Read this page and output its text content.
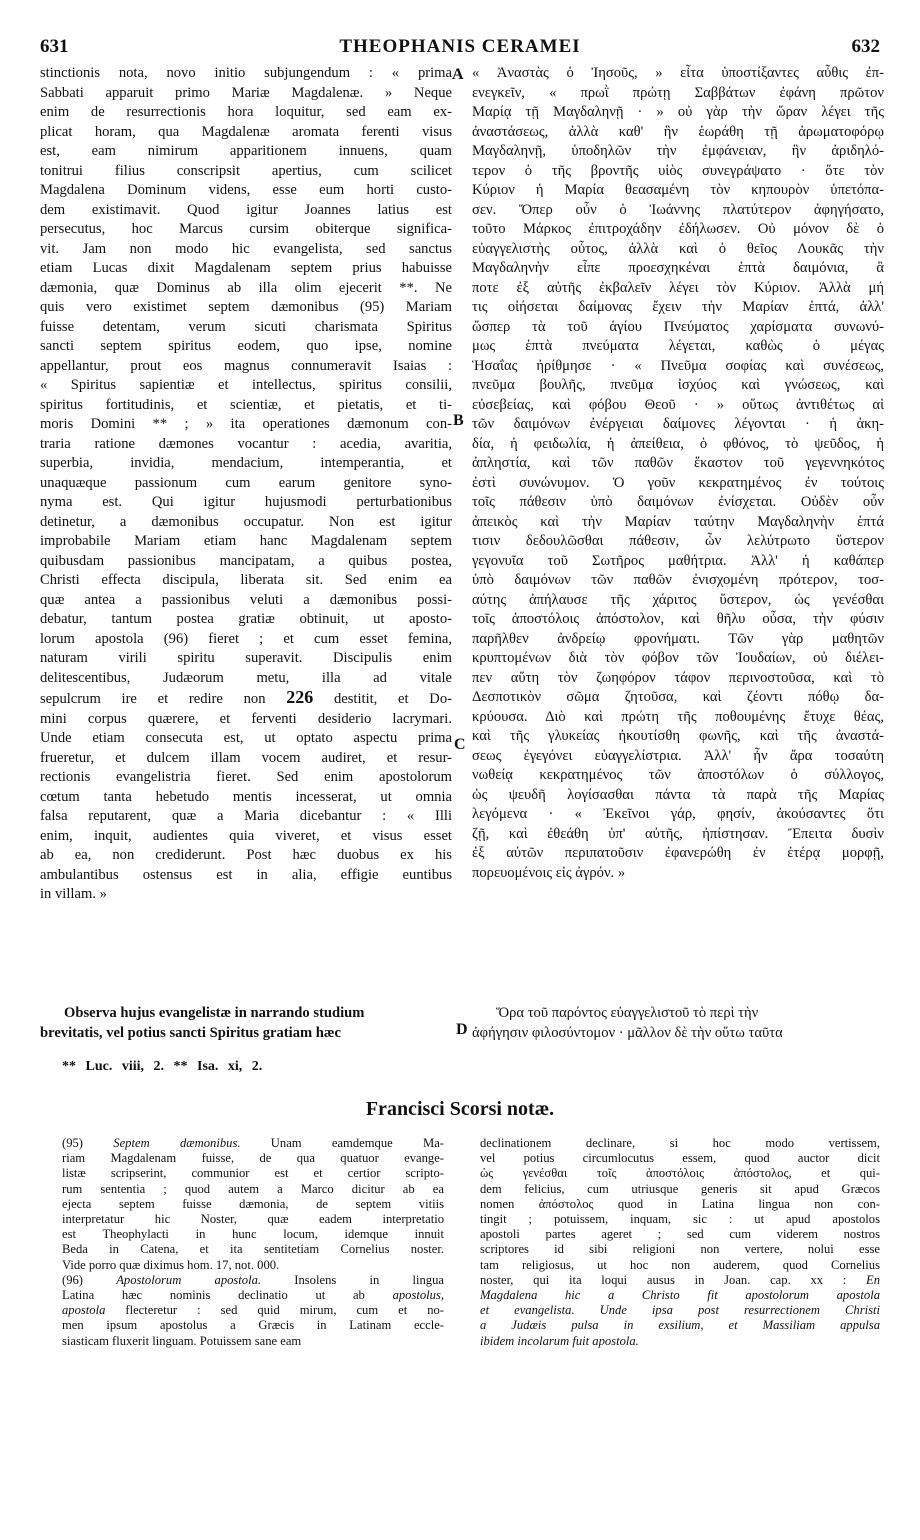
631	THEOPHANIS CERAMEI	632
stinctionis nota, novo initio subjungendum : « prima
Sabbati apparuit primo Mariæ Magdalenæ. » Neque
enim de resurrectionis hora loquitur, sed eam ex-
plicat horam, qua Magdalenæ aromata ferenti visus
est, eam nimirum apparitionem innuens, quam
tonitrui filius conscripsit apertius, cum scilicet
Magdalena Dominum videns, esse eum horti custo-
dem existimavit. Quod igitur Joannes latius est
persecutus, hoc Marcus cursim obiterque significa-
vit. Jam non modo hic evangelista, sed sanctus
etiam Lucas dixit Magdalenam septem prius habuisse
dæmonia, quæ Dominus ab illa olim ejecerit **. Ne
quis vero existimet septem dæmonibus (95) Mariam
fuisse detentam, verum sicuti charismata Spiritus
sancti septem spiritus eodem, quo ipse, nomine
appellantur, prout eos magnus connumeravit Isaias :
« Spiritus sapientiæ et intellectus, spiritus consilii,
spiritus fortitudinis, et scientiæ, et pietatis, et ti-
moris Domini ** ; » ita operationes dæmonum con-
traria ratione dæmones vocantur : acedia, avaritia,
superbia, invidia, mendacium, intemperantia, et
unaquæque passionum cum earum genitore syno-
nyma est. Qui igitur hujusmodi perturbationibus
detinetur, a dæmonibus occupatur. Non est igitur
improbabile Mariam etiam hanc Magdalenam septem
quibusdam passionibus mancipatam, a quibus postea,
Christi effecta discipula, liberata sit. Sed enim ea
quæ antea a passionibus veluti a dæmonibus possi-
debatur, tantum postea gratiæ obtinuit, ut aposto-
lorum apostola (96) fieret ; et cum esset femina,
naturam virili spiritu superavit. Discipulis enim
delitescentibus, Judæorum metu, illa ad vitale
sepulcrum ire et redire non 226 destitit, et Do-
mini corpus quærere, et ferventi desiderio lacrymari.
Unde etiam consecuta est, ut optato aspectu prima
frueretur, et dulcem illam vocem audiret, et resur-
rectionis evangelistria fieret. Sed enim apostolorum
cœtum tanta hebetudo mentis incesserat, ut omnia
falsa reputarent, quæ a Maria dicebantur : « Illi
enim, inquit, audientes quia viveret, et visus esset
ab ea, non crediderunt. Post hæc duobus ex his
ambulantibus ostensus est in alia, effigie euntibus
in villam. »
« Ἀναστὰς ὁ Ἰησοῦς, » εἶτα ὑποστίξαντες αὖθις ἐπ-
ενεγκεῖν, « πρωῒ πρώτῃ Σαββάτων ἐφάνη πρῶτον
Μαρίᾳ τῇ Μαγδαληνῇ · » οὐ γὰρ τὴν ὥραν λέγει τῆς
ἀναστάσεως, ἀλλὰ καθ' ἣν ἑωράθη τῇ ἀρωματοφόρῳ
Μαγδαληνῇ, ὑποδηλῶν τὴν ἐμφάνειαν, ἣν ἀριδηλό-
τερον ὁ τῆς βροντῆς υἱὸς συνεγράψατο · ὅτε τὸν
Κύριον ἡ Μαρία θεασαμένη τὸν κηπουρὸν ὑπετόπα-
σεν. Ὅπερ οὖν ὁ Ἰωάννης πλατύτερον ἀφηγήσατο,
τοῦτο Μάρκος ἐπιτροχάδην ἐδήλωσεν. Οὐ μόνον δὲ ὁ
εὐαγγελιστὴς οὗτος, ἀλλὰ καὶ ὁ θεῖος Λουκᾶς τὴν
Μαγδαληνὴν εἶπε προεσχηκέναι ἑπτὰ δαιμόνια, ἃ
ποτε ἐξ αὐτῆς ἐκβαλεῖν λέγει τὸν Κύριον. Ἀλλὰ μή
τις οἰήσεται δαίμονας ἔχειν τὴν Μαρίαν ἑπτά, ἀλλ'
ὥσπερ τὰ τοῦ ἁγίου Πνεύματος χαρίσματα συνωνύ-
μως ἑπτὰ πνεύματα λέγεται, καθὼς ὁ μέγας
Ἡσαΐας ἠρίθμησε · « Πνεῦμα σοφίας καὶ συνέσεως,
πνεῦμα βουλῆς, πνεῦμα ἰσχύος καὶ γνώσεως, καὶ
εὐσεβείας, καὶ φόβου Θεοῦ · » οὕτως ἀντιθέτως αἱ
τῶν δαιμόνων ἐνέργειαι δαίμονες λέγονται · ἡ ἀκη-
δία, ἡ φειδωλία, ἡ ἀπείθεια, ὁ φθόνος, τὸ ψεῦδος, ἡ
ἀπληστία, καὶ τῶν παθῶν ἕκαστον τοῦ γεγεννηκότος
ἐστὶ συνώνυμον. Ὁ γοῦν κεκρατημένος ἐν τούτοις
τοῖς πάθεσιν ὑπὸ δαιμόνων ἐνίσχεται. Οὐδὲν οὖν
ἀπεικὸς καὶ τὴν Μαρίαν ταύτην Μαγδαληνὴν ἑπτά
τισιν δεδουλῶσθαι πάθεσιν, ὧν λελύτρωτο ὕστερον
γεγονυῖα τοῦ Σωτῆρος μαθήτρια. Ἀλλ' ἡ καθάπερ
ὑπὸ δαιμόνων τῶν παθῶν ἐνισχομένη πρότερον, τοσ-
αύτης ἀπήλαυσε τῆς χάριτος ὕστερον, ὡς γενέσθαι
τοῖς ἀποστόλοις ἀπόστολον, καὶ θῆλυ οὖσα, τὴν φύσιν
παρῆλθεν ἀνδρείῳ φρονήματι. Τῶν γὰρ μαθητῶν
κρυπτομένων διὰ τὸν φόβον τῶν Ἰουδαίων, οὐ διέλει-
πεν αὕτη τὸν ζωηφόρον τάφον περινοστοῦσα, καὶ τὸ
Δεσποτικὸν σῶμα ζητοῦσα, καὶ ζέοντι πόθῳ δα-
κρύουσα. Διὸ καὶ πρώτη τῆς ποθουμένης ἔτυχε θέας,
καὶ τῆς γλυκείας ἠκουτίσθη φωνῆς, καὶ τῆς ἀναστά-
σεως ἐγεγόνει εὐαγγελίστρια. Ἀλλ' ἦν ἄρα τοσαύτη
νωθείᾳ κεκρατημένος τῶν ἀποστόλων ὁ σύλλογος,
ὡς ψευδῆ λογίσασθαι πάντα τὰ παρὰ τῆς Μαρίας
λεγόμενα · « Ἐκεῖνοι γάρ, φησίν, ἀκούσαντες ὅτι
ζῇ, καὶ ἐθεάθη ὑπ' αὐτῆς, ἠπίστησαν. Ἔπειτα δυσὶν
ἐξ αὐτῶν περιπατοῦσιν ἐφανερώθη ἐν ἑτέρᾳ μορφῇ,
πορευομένοις εἰς ἀγρόν. »
A
B
C
D
Observa hujus evangelistæ in narrando studium
brevitatis, vel potius sancti Spiritus gratiam hæc
Ὅρα τοῦ παρόντος εὐαγγελιστοῦ τὸ περὶ τὴν
ἀφήγησιν φιλοσύντομον · μᾶλλον δὲ τὴν οὕτω ταῦτα
** Luc. viii, 2. ** Isa. xi, 2.
Francisci Scorsi notæ.
(95) Septem dæmonibus. Unam eamdemque Ma-
riam Magdalenam fuisse, de qua quatuor evange-
listæ scripserint, communior est et certior scripto-
rum sententia ; quod autem a Marco dicitur ab ea
ejecta septem fuisse dæmonia, de septem vitiis
interpretatur hic Noster, quæ eadem interpretatio
est Theophylacti in hunc locum, idemque innuit
Beda in Catena, et ita sentitetiam Cornelius noster.
Vide porro quæ diximus hom. 17, not. 000.
(96) Apostolorum apostola. Insolens in lingua
Latina hæc nominis declinatio ut ab apostolus,
apostola flecteretur : sed quid mirum, cum et no-
men ipsum apostolus a Græcis in Latinam eccle-
siasticam fluxerit linguam. Potuissem sane eam
declinationem declinare, si hoc modo vertissem,
vel potius circumlocutus essem, quod auctor dicit
ὡς γενέσθαι τοῖς ἀποστόλοις ἀπόστολος, et qui-
dem felicius, cum utriusque generis sit apud Græcos
nomen ἀπόστολος quod in Latina lingua non con-
tingit ; potuissem, inquam, sic : ut apud apostolos
apostoli partes ageret ; sed cum viderem nostros
scriptores id sibi religioni non vertere, nolui esse
tam religiosus, ut hoc non auderem, quod Cornelius
noster, qui ita loqui ausus in Joan. cap. xx : En
Magdalena hic a Christo fit apostolorum apostola
et evangelista. Unde ipsa post resurrectionem Christi
a Judæis pulsa in exsilium, et Massiliam appulsa
ibidem incolarum fuit apostola.
